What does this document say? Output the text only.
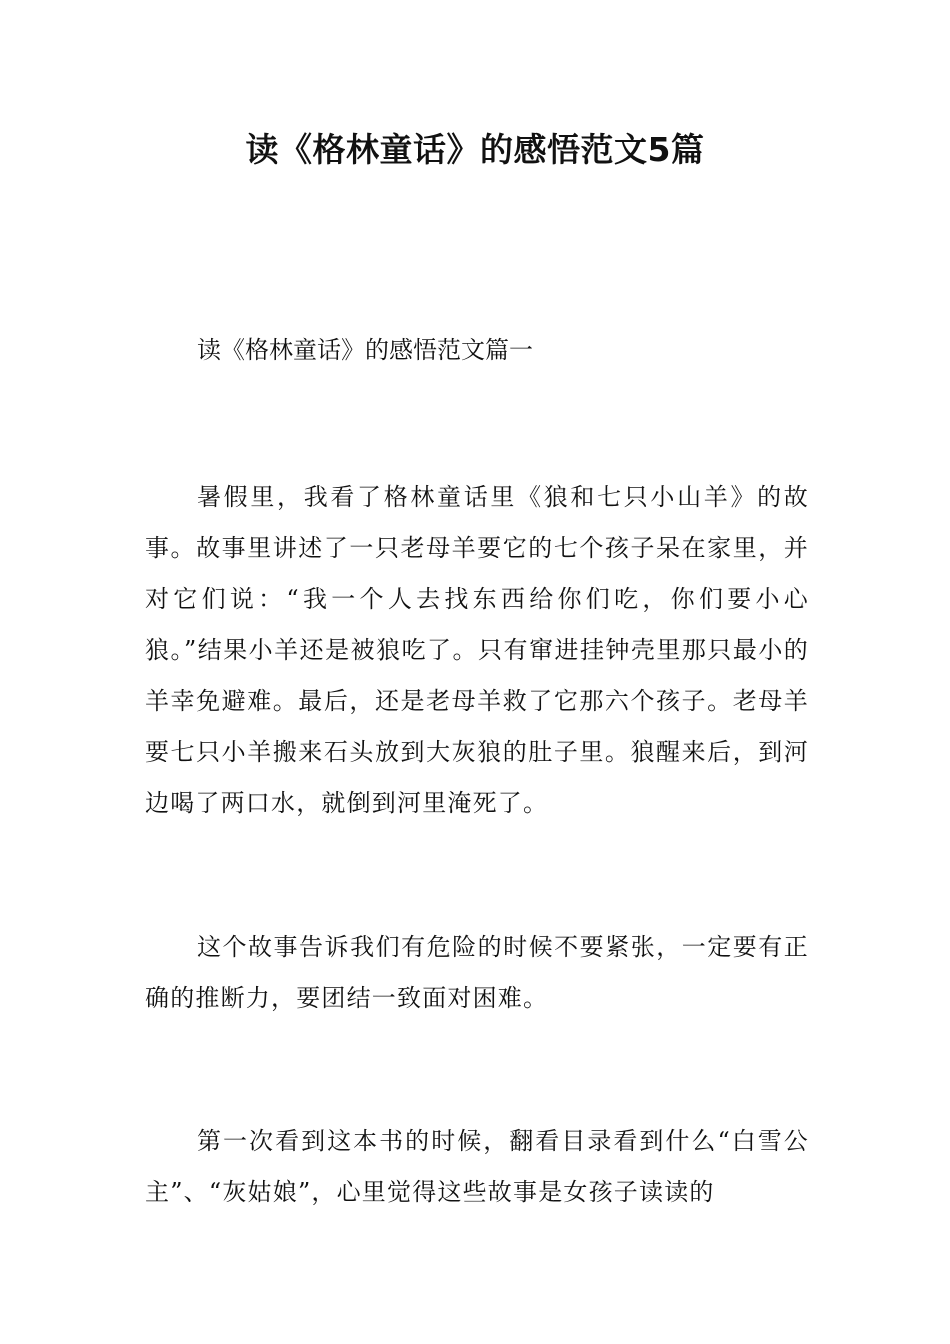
读《格林童话》的感悟范文5篇

读《格林童话》的感悟范文篇一

暑假里，我看了格林童话里《狼和七只小山羊》的故事。故事里讲述了一只老母羊要它的七个孩子呆在家里，并对它们说：“我一个人去找东西给你们吃，你们要小心狼。”结果小羊还是被狼吃了。只有窜进挂钟壳里那只最小的羊幸免避难。最后，还是老母羊救了它那六个孩子。老母羊要七只小羊搬来石头放到大灰狼的肚子里。狼醒来后，到河边喝了两口水，就倒到河里淹死了。

这个故事告诉我们有危险的时候不要紧张，一定要有正确的推断力，要团结一致面对困难。

第一次看到这本书的时候，翻看目录看到什么“白雪公主”、“灰姑娘”，心里觉得这些故事是女孩子读读的
